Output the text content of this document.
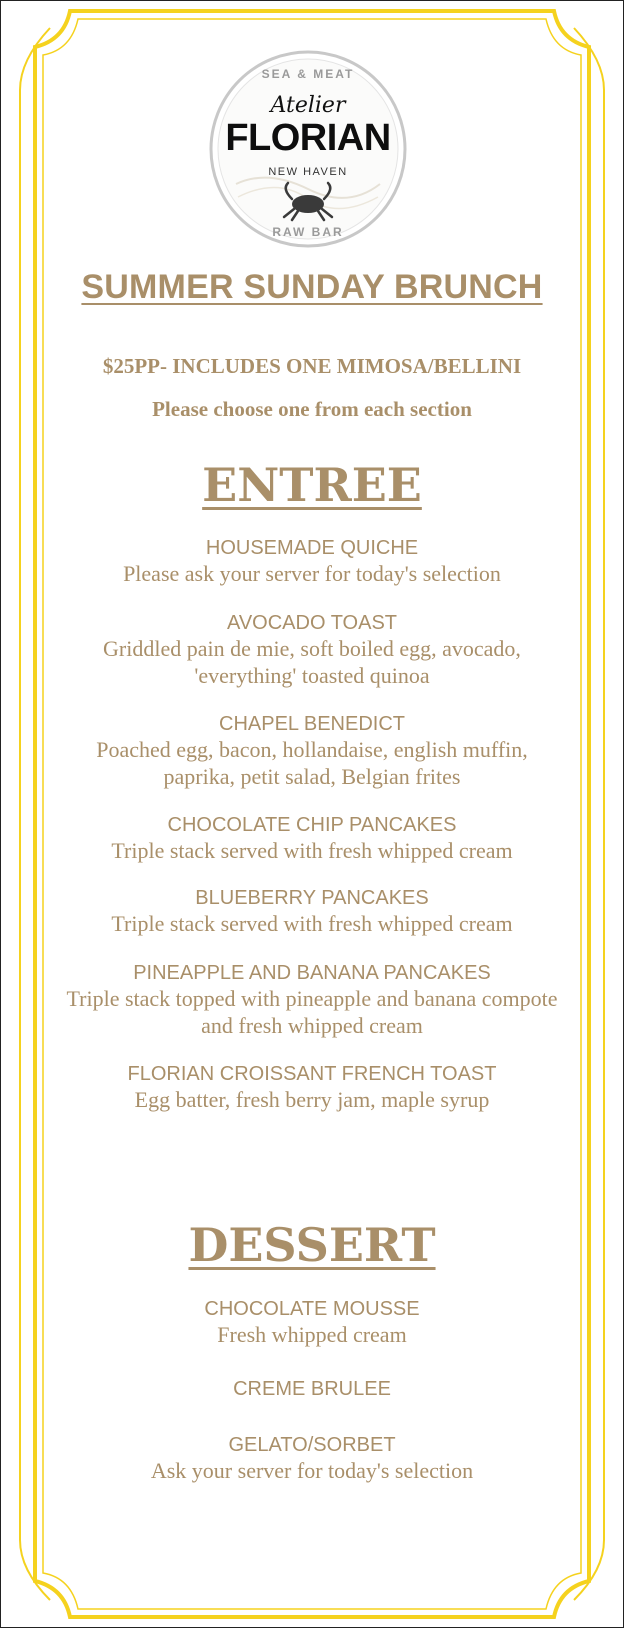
SEA & MEAT
Atelier
FLORIAN
NEW HAVEN
RAW BAR
SUMMER SUNDAY BRUNCH
$25PP- INCLUDES ONE MIMOSA/BELLINI
Please choose one from each section
ENTREE
HOUSEMADE QUICHE
Please ask your server for today's selection
AVOCADO TOAST
Griddled pain de mie, soft boiled egg, avocado, 'everything' toasted quinoa
CHAPEL BENEDICT
Poached egg, bacon, hollandaise, english muffin, paprika, petit salad, Belgian frites
CHOCOLATE CHIP PANCAKES
Triple stack served with fresh whipped cream
BLUEBERRY PANCAKES
Triple stack served with fresh whipped cream
PINEAPPLE AND BANANA PANCAKES
Triple stack topped with pineapple and banana compote and fresh whipped cream
FLORIAN CROISSANT FRENCH TOAST
Egg batter, fresh berry jam, maple syrup
DESSERT
CHOCOLATE MOUSSE
Fresh whipped cream
CREME BRULEE
GELATO/SORBET
Ask your server for today's selection
